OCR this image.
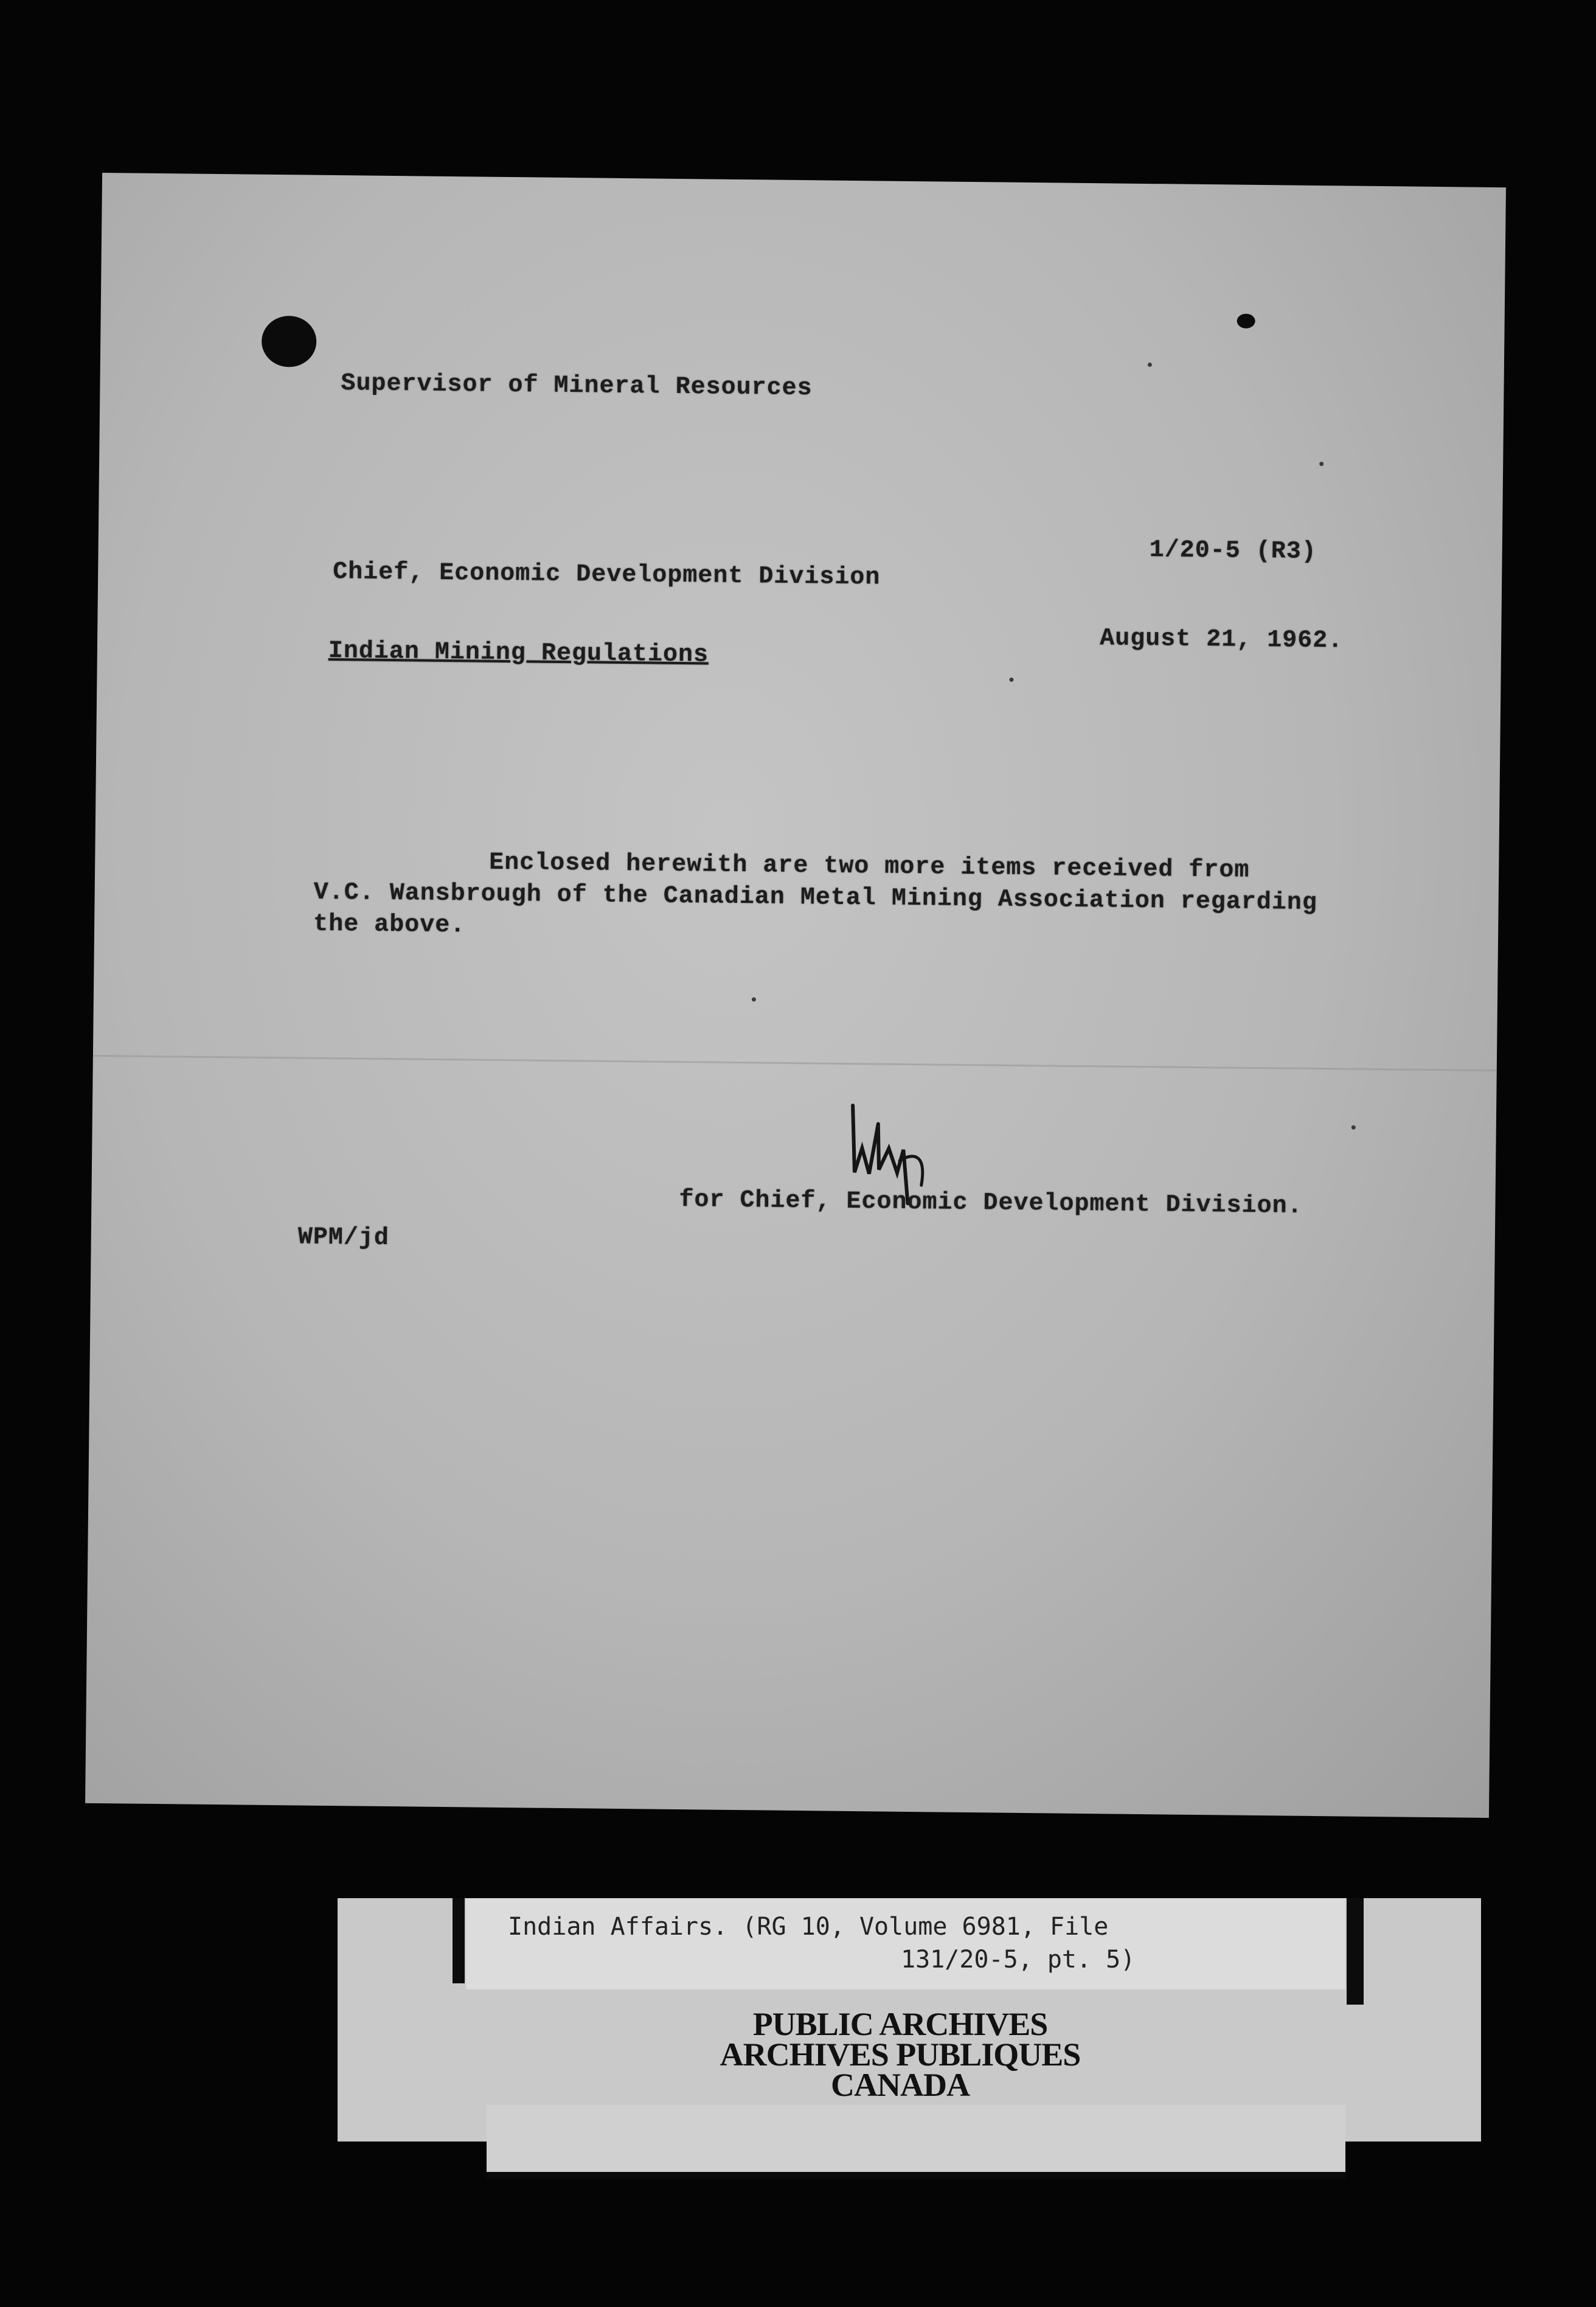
Supervisor of Mineral Resources
Chief, Economic Development Division
1/20-5 (R3)
Indian Mining Regulations	August 21, 1962.
Enclosed herewith are two more items received from
V.C. Wansbrough of the Canadian Metal Mining Association regarding
the above.
for Chief, Economic Development Division.
WPM/jd
Indian Affairs. (RG 10, Volume 6981, File
131/20-5, pt. 5)
PUBLIC ARCHIVES
ARCHIVES PUBLIQUES
CANADA
